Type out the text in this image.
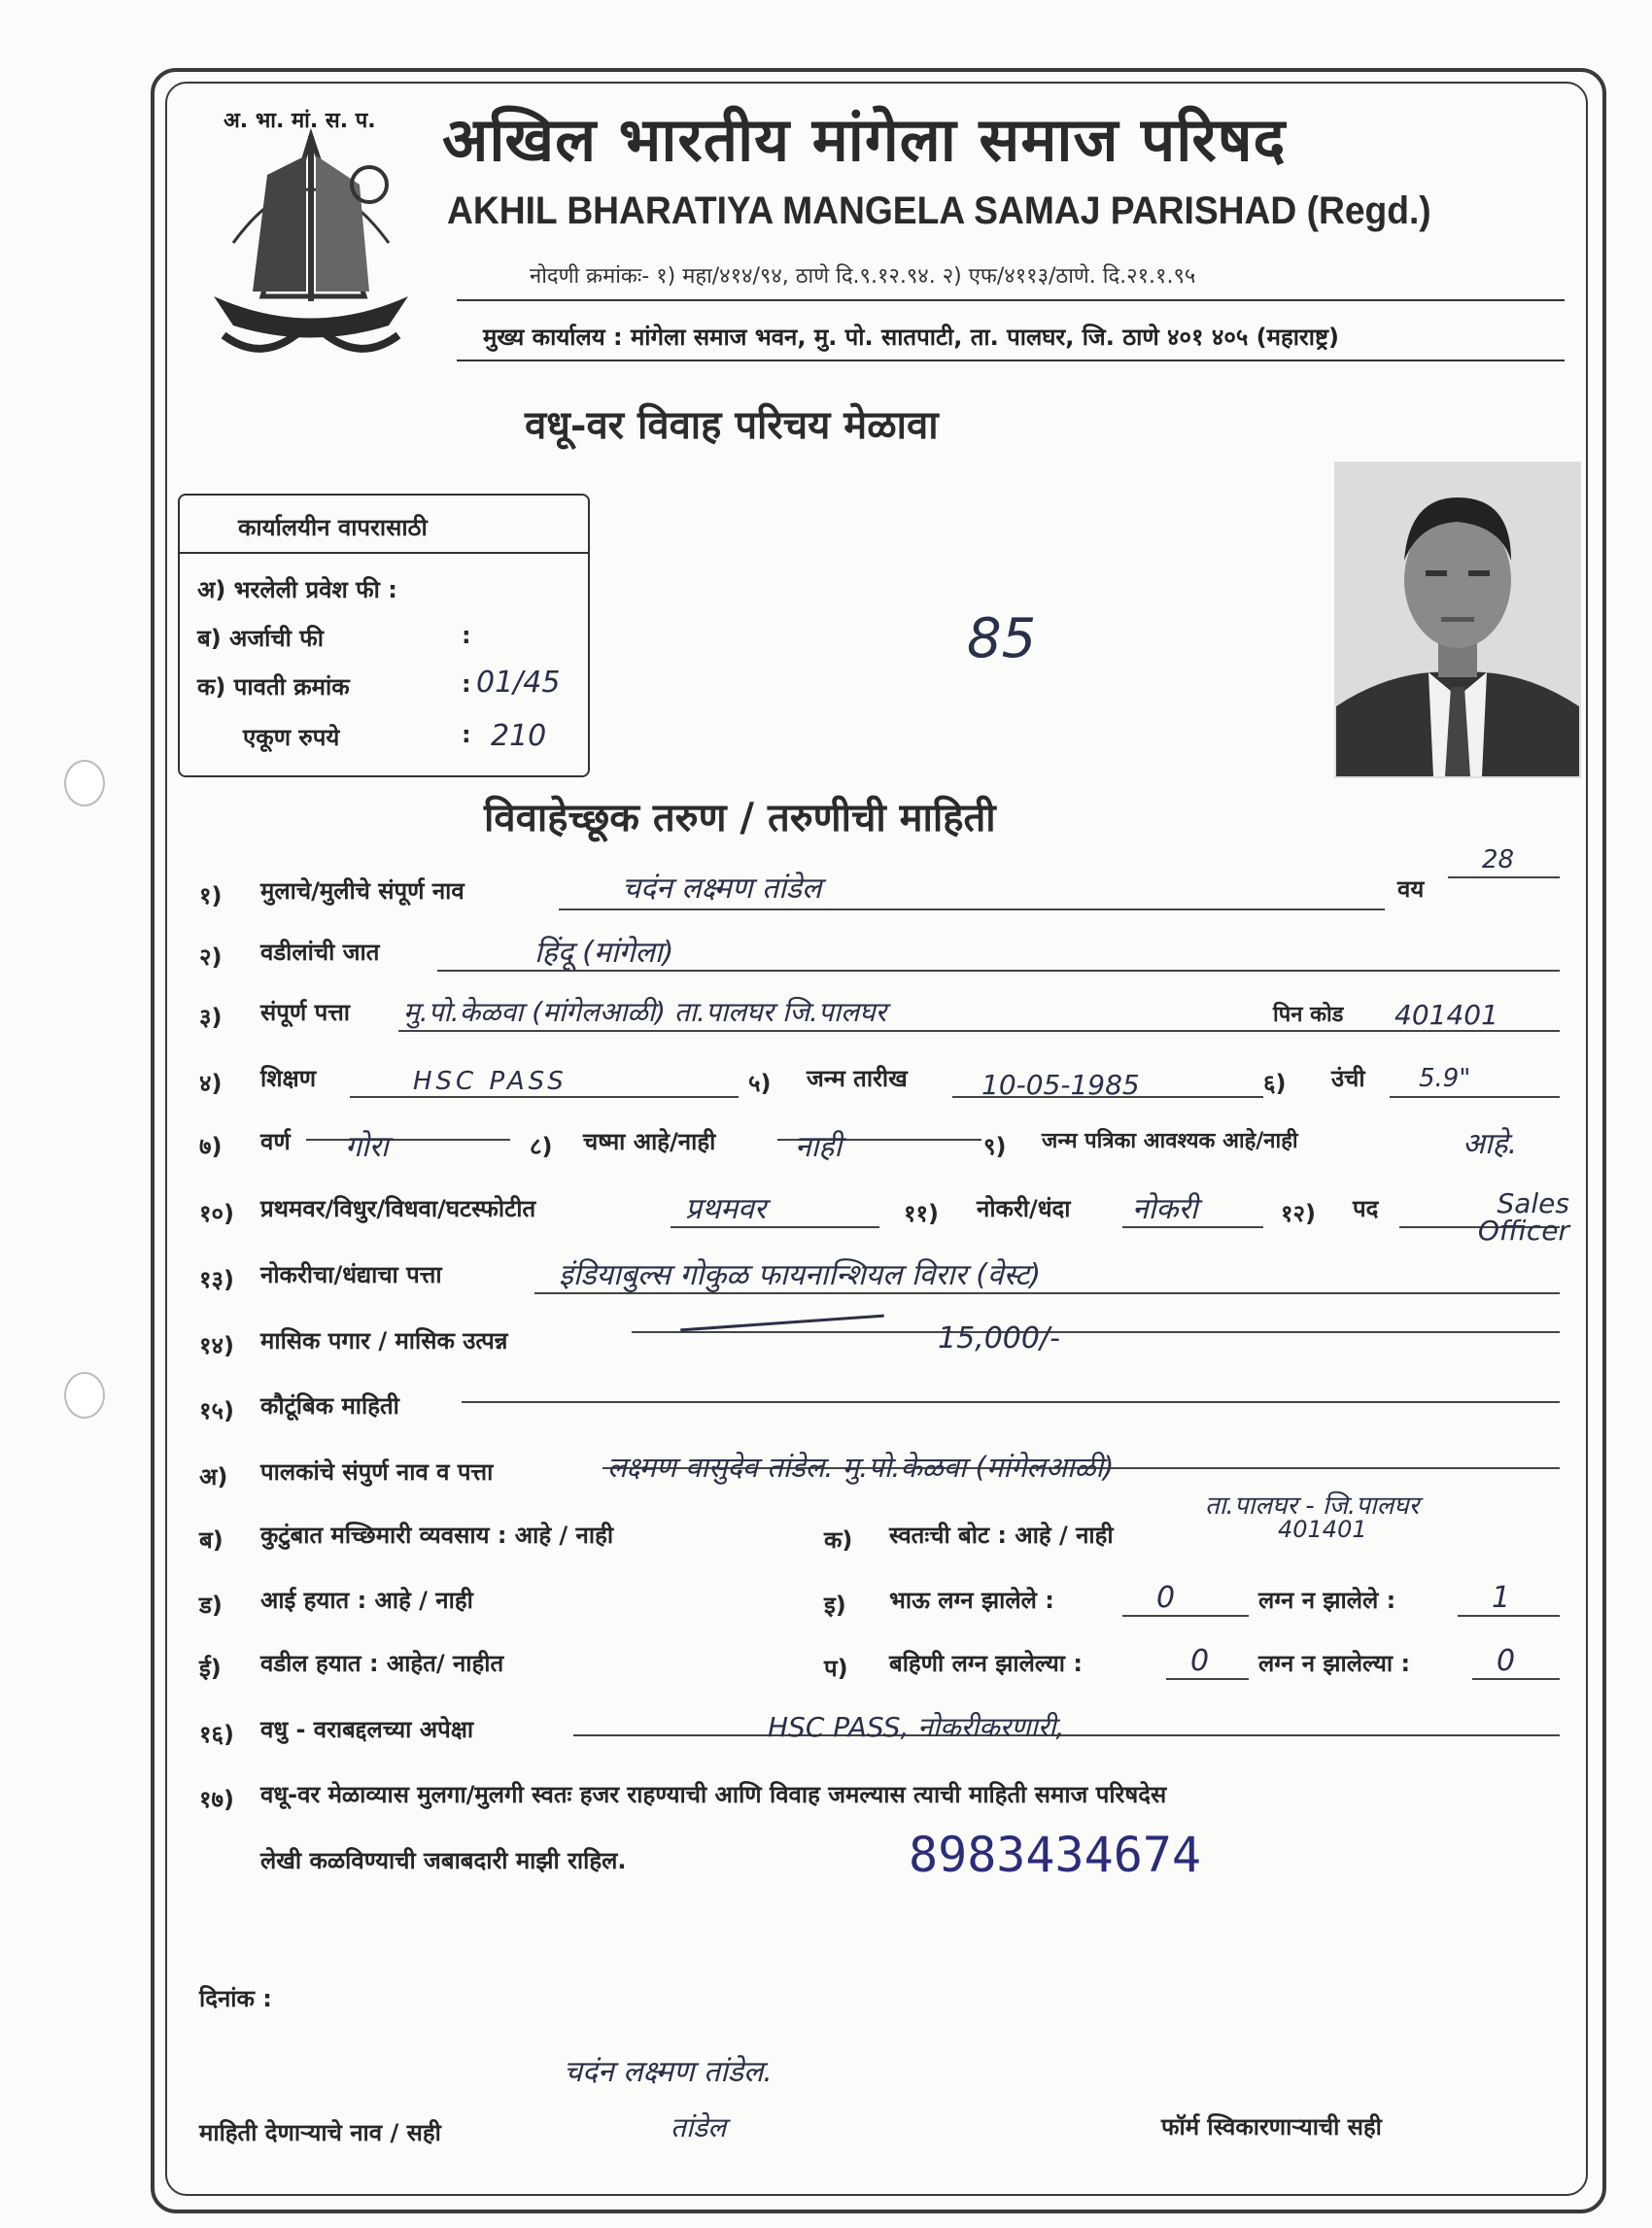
अ. भा. मां. स. प. अखिल भारतीय मांगेला समाज परिषद
AKHIL BHARATIYA MANGELA SAMAJ PARISHAD (Regd.)
नोदणी क्रमांकः- १) महा/४१४/९४, ठाणे दि.९.१२.९४. २) एफ/४११३/ठाणे. दि.२१.१.९५
मुख्य कार्यालय : मांगेला समाज भवन, मु. पो. सातपाटी, ता. पालघर, जि. ठाणे ४०१ ४०५ (महाराष्ट्र)
वधू-वर विवाह परिचय मेळावा
कार्यालयीन वापरासाठी
अ) भरलेली प्रवेश फी :
ब) अर्जाची फी	:
क) पावती क्रमांक	: 01/45
एकूण रुपये	: 210
85
विवाहेच्छूक तरुण / तरुणीची माहिती
१) मुलाचे/मुलीचे संपूर्ण नाव	चदंन लक्ष्मण तांडेल	वय
28
२) वडीलांची जात	हिंदू (मांगेला)
३) संपूर्ण पत्ता मु.पो.केळवा (मांगेलआळी) ता.पालघर जि.पालघर	पिन कोड 401401
४) शिक्षण	HSC PASS	५) जन्म तारीख	10-05-1985	६) उंची 5.9"
७) वर्ण गोरा	८) चष्मा आहे/नाही	नाही	९) जन्म पत्रिका आवश्यक आहे/नाही	आहे.
१०) प्रथमवर/विधुर/विधवा/घटस्फोटीत	प्रथमवर	११) नोकरी/धंदा नोकरी	१२) पद	Sales Officer
१३) नोकरीचा/धंद्याचा पत्ता	इंडियाबुल्स गोकुळ फायनान्शियल विरार (वेस्ट)
१४) मासिक पगार / मासिक उत्पन्न	15,000/-
१५) कौटूंबिक माहिती
अ) पालकांचे संपुर्ण नाव व पत्ता	लक्ष्मण वासुदेव तांडेल. मु.पो.केळवा (मांगेलआळी)
ता.पालघर - जि.पालघर
401401
ब) कुटुंबात मच्छिमारी व्यवसाय : आहे / नाही	क) स्वतःची बोट : आहे / नाही
ड) आई हयात : आहे / नाही	इ) भाऊ लग्न झालेले :	0	लग्न न झालेले :	1
ई) वडील हयात : आहेत/ नाहीत	प) बहिणी लग्न झालेल्या :	0 लग्न न झालेल्या :	0
१६) वधु - वराबद्दलच्या अपेक्षा	HSC PASS, नोकरीकरणारी,
१७) वधू-वर मेळाव्यास मुलगा/मुलगी स्वतः हजर राहण्याची आणि विवाह जमल्यास त्याची माहिती समाज परिषदेस
लेखी कळविण्याची जबाबदारी माझी राहिल.	8983434674
दिनांक :
चदंन लक्ष्मण तांडेल.
तांडेल
माहिती देणाऱ्याचे नाव / सही	फॉर्म स्विकारणाऱ्याची सही
